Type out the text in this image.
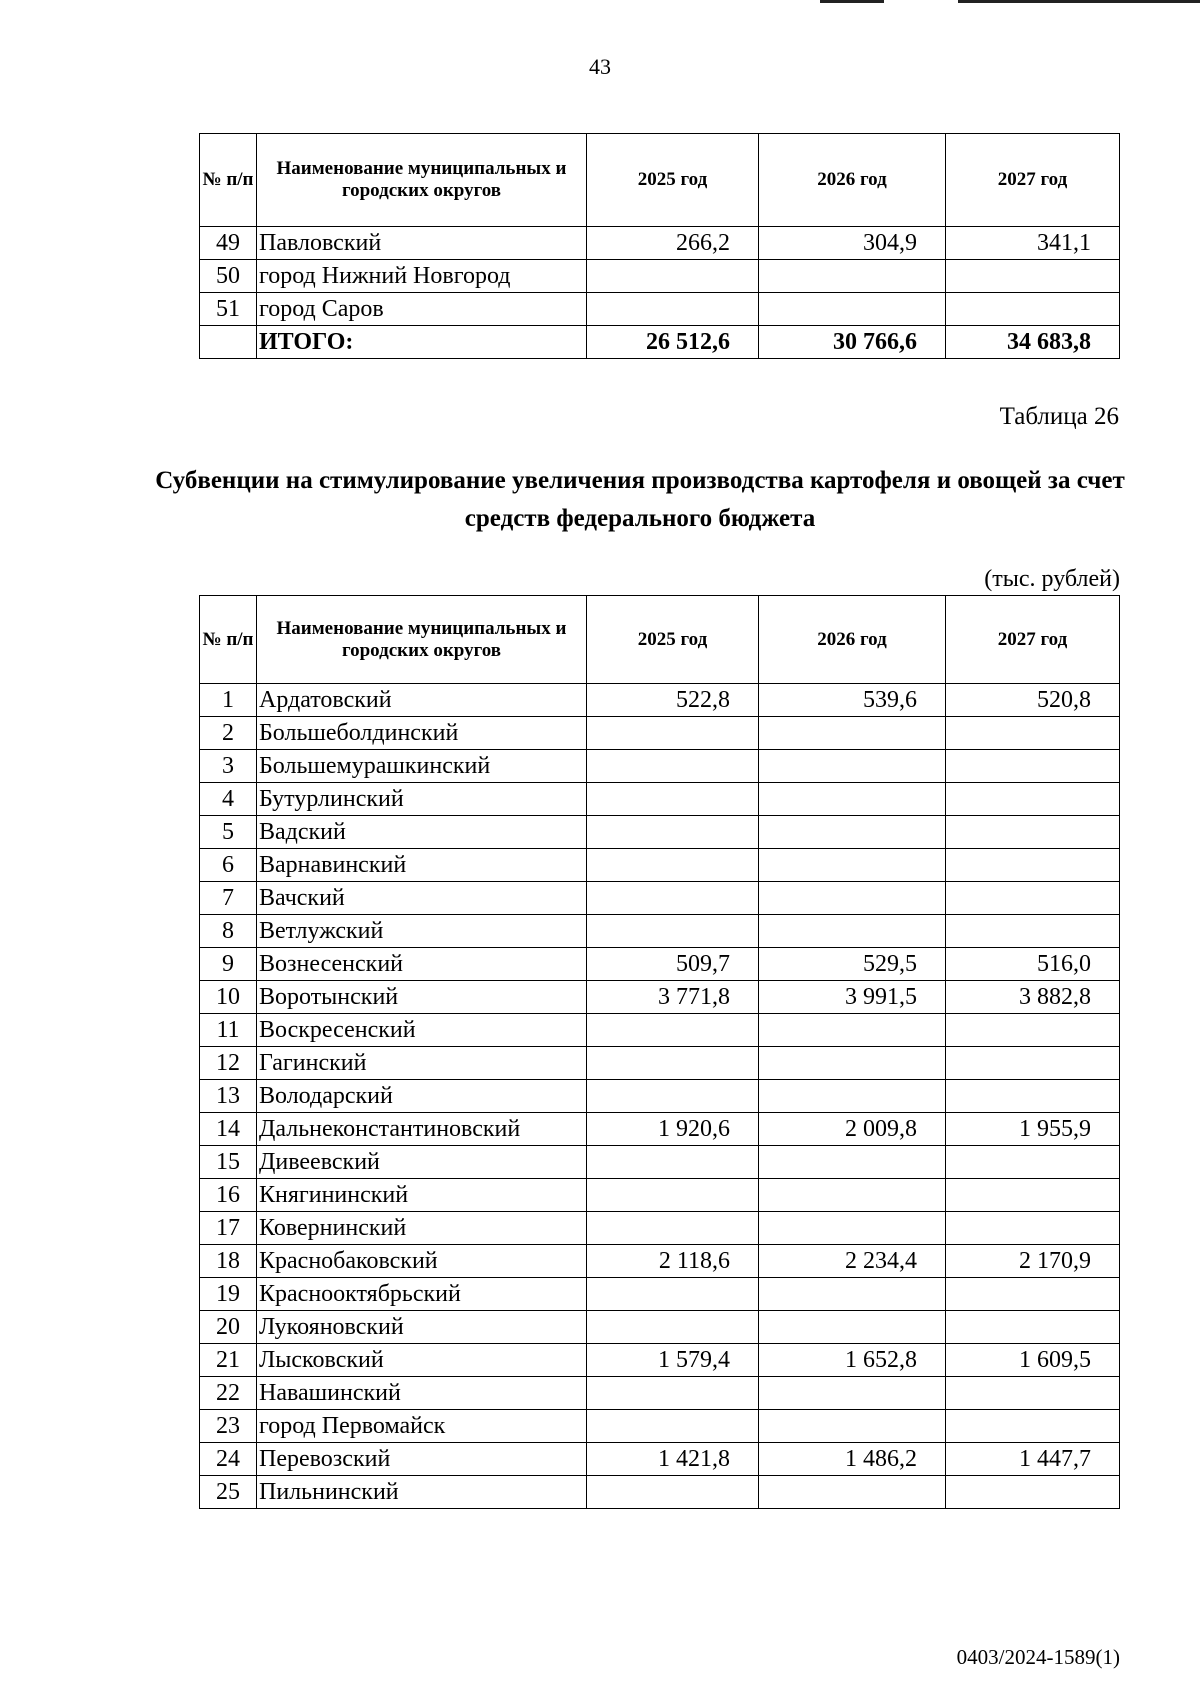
43
№ п/п	Наименование муниципальных и городских округов	2025 год	2026 год	2027 год
49	Павловский	266,2	304,9	341,1
50	город Нижний Новгород			
51	город Саров			
	ИТОГО:	26 512,6	30 766,6	34 683,8
Таблица 26
Субвенции на стимулирование увеличения производства картофеля и овощей за счет средств федерального бюджета
(тыс. рублей)
№ п/п	Наименование муниципальных и городских округов	2025 год	2026 год	2027 год
1	Ардатовский	522,8	539,6	520,8
2	Большеболдинский			
3	Большемурашкинский			
4	Бутурлинский			
5	Вадский			
6	Варнавинский			
7	Вачский			
8	Ветлужский			
9	Вознесенский	509,7	529,5	516,0
10	Воротынский	3 771,8	3 991,5	3 882,8
11	Воскресенский			
12	Гагинский			
13	Володарский			
14	Дальнеконстантиновский	1 920,6	2 009,8	1 955,9
15	Дивеевский			
16	Княгининский			
17	Ковернинский			
18	Краснобаковский	2 118,6	2 234,4	2 170,9
19	Краснооктябрьский			
20	Лукояновский			
21	Лысковский	1 579,4	1 652,8	1 609,5
22	Навашинский			
23	город Первомайск			
24	Перевозский	1 421,8	1 486,2	1 447,7
25	Пильнинский			
0403/2024-1589(1)
